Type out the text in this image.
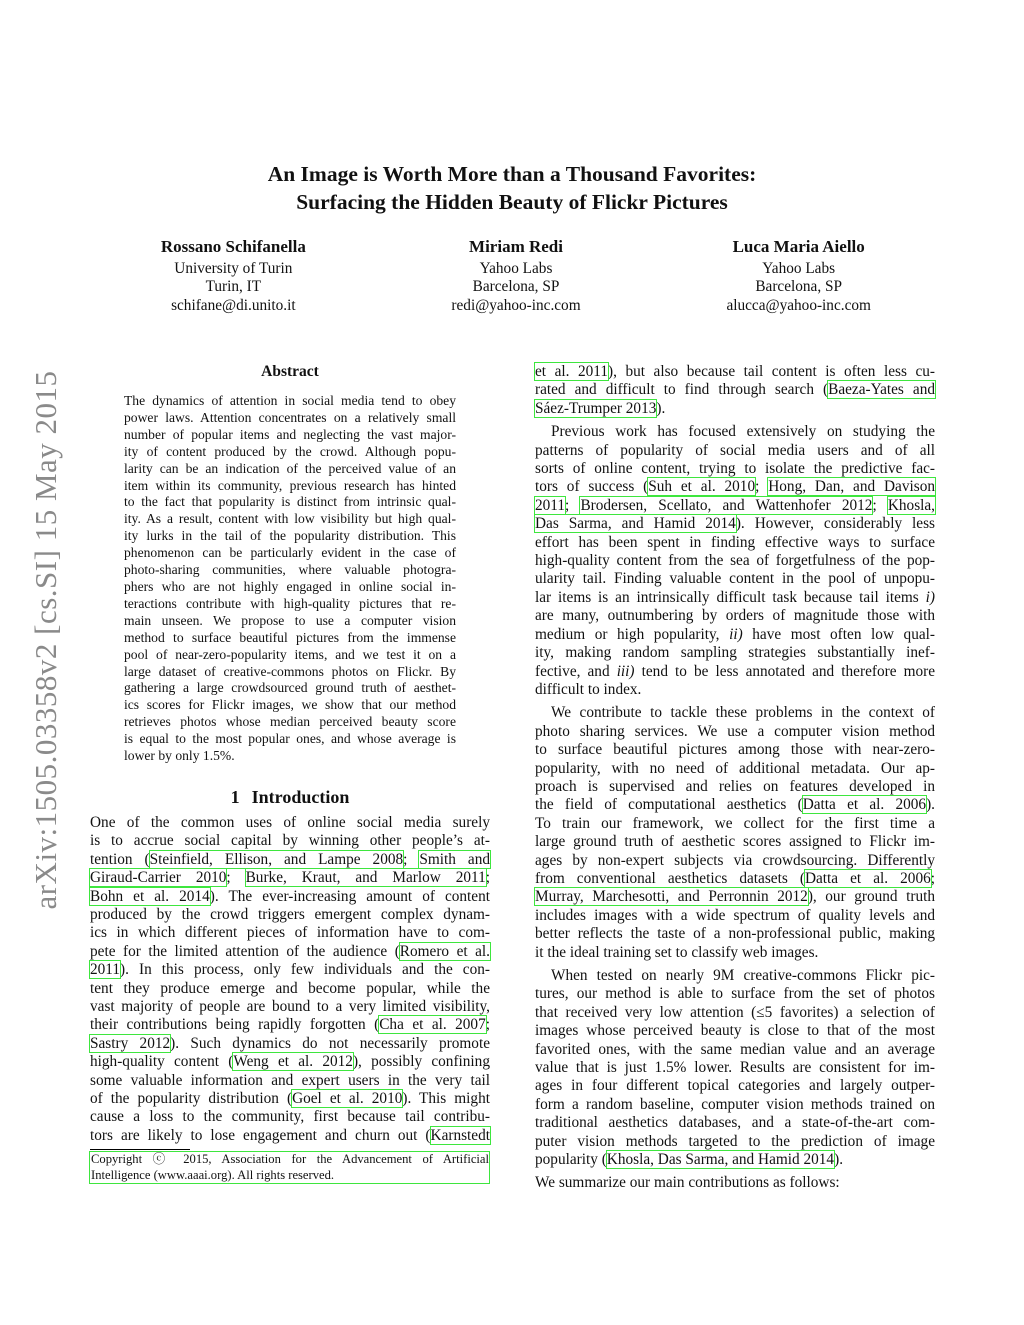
arXiv:1505.03358v2 [cs.SI] 15 May 2015
An Image is Worth More than a Thousand Favorites:
Surfacing the Hidden Beauty of Flickr Pictures
Rossano Schifanella
University of Turin
Turin, IT
schifane@di.unito.it
Miriam Redi
Yahoo Labs
Barcelona, SP
redi@yahoo-inc.com
Luca Maria Aiello
Yahoo Labs
Barcelona, SP
alucca@yahoo-inc.com
Abstract
The dynamics of attention in social media tend to obey
power laws. Attention concentrates on a relatively small
number of popular items and neglecting the vast major-
ity of content produced by the crowd. Although popu-
larity can be an indication of the perceived value of an
item within its community, previous research has hinted
to the fact that popularity is distinct from intrinsic qual-
ity. As a result, content with low visibility but high qual-
ity lurks in the tail of the popularity distribution. This
phenomenon can be particularly evident in the case of
photo-sharing communities, where valuable photogra-
phers who are not highly engaged in online social in-
teractions contribute with high-quality pictures that re-
main unseen. We propose to use a computer vision
method to surface beautiful pictures from the immense
pool of near-zero-popularity items, and we test it on a
large dataset of creative-commons photos on Flickr. By
gathering a large crowdsourced ground truth of aesthet-
ics scores for Flickr images, we show that our method
retrieves photos whose median perceived beauty score
is equal to the most popular ones, and whose average is
lower by only 1.5%.
1 Introduction
One of the common uses of online social media surely
is to accrue social capital by winning other people’s at-
tention (Steinfield, Ellison, and Lampe 2008; Smith and
Giraud-Carrier 2010; Burke, Kraut, and Marlow 2011;
Bohn et al. 2014). The ever-increasing amount of content
produced by the crowd triggers emergent complex dynam-
ics in which different pieces of information have to com-
pete for the limited attention of the audience (Romero et al.
2011). In this process, only few individuals and the con-
tent they produce emerge and become popular, while the
vast majority of people are bound to a very limited visibility,
their contributions being rapidly forgotten (Cha et al. 2007;
Sastry 2012). Such dynamics do not necessarily promote
high-quality content (Weng et al. 2012), possibly confining
some valuable information and expert users in the very tail
of the popularity distribution (Goel et al. 2010). This might
cause a loss to the community, first because tail contribu-
tors are likely to lose engagement and churn out (Karnstedt
Copyright ⓒ 2015, Association for the Advancement of Artificial
Intelligence (www.aaai.org). All rights reserved.
et al. 2011), but also because tail content is often less cu-
rated and difficult to find through search (Baeza-Yates and
Sáez-Trumper 2013).
Previous work has focused extensively on studying the
patterns of popularity of social media users and of all
sorts of online content, trying to isolate the predictive fac-
tors of success (Suh et al. 2010; Hong, Dan, and Davison
2011; Brodersen, Scellato, and Wattenhofer 2012; Khosla,
Das Sarma, and Hamid 2014). However, considerably less
effort has been spent in finding effective ways to surface
high-quality content from the sea of forgetfulness of the pop-
ularity tail. Finding valuable content in the pool of unpopu-
lar items is an intrinsically difficult task because tail items i)
are many, outnumbering by orders of magnitude those with
medium or high popularity, ii) have most often low qual-
ity, making random sampling strategies substantially inef-
fective, and iii) tend to be less annotated and therefore more
difficult to index.
We contribute to tackle these problems in the context of
photo sharing services. We use a computer vision method
to surface beautiful pictures among those with near-zero-
popularity, with no need of additional metadata. Our ap-
proach is supervised and relies on features developed in
the field of computational aesthetics (Datta et al. 2006).
To train our framework, we collect for the first time a
large ground truth of aesthetic scores assigned to Flickr im-
ages by non-expert subjects via crowdsourcing. Differently
from conventional aesthetics datasets (Datta et al. 2006;
Murray, Marchesotti, and Perronnin 2012), our ground truth
includes images with a wide spectrum of quality levels and
better reflects the taste of a non-professional public, making
it the ideal training set to classify web images.
When tested on nearly 9M creative-commons Flickr pic-
tures, our method is able to surface from the set of photos
that received very low attention (≤5 favorites) a selection of
images whose perceived beauty is close to that of the most
favorited ones, with the same median value and an average
value that is just 1.5% lower. Results are consistent for im-
ages in four different topical categories and largely outper-
form a random baseline, computer vision methods trained on
traditional aesthetics databases, and a state-of-the-art com-
puter vision methods targeted to the prediction of image
popularity (Khosla, Das Sarma, and Hamid 2014).
We summarize our main contributions as follows:
